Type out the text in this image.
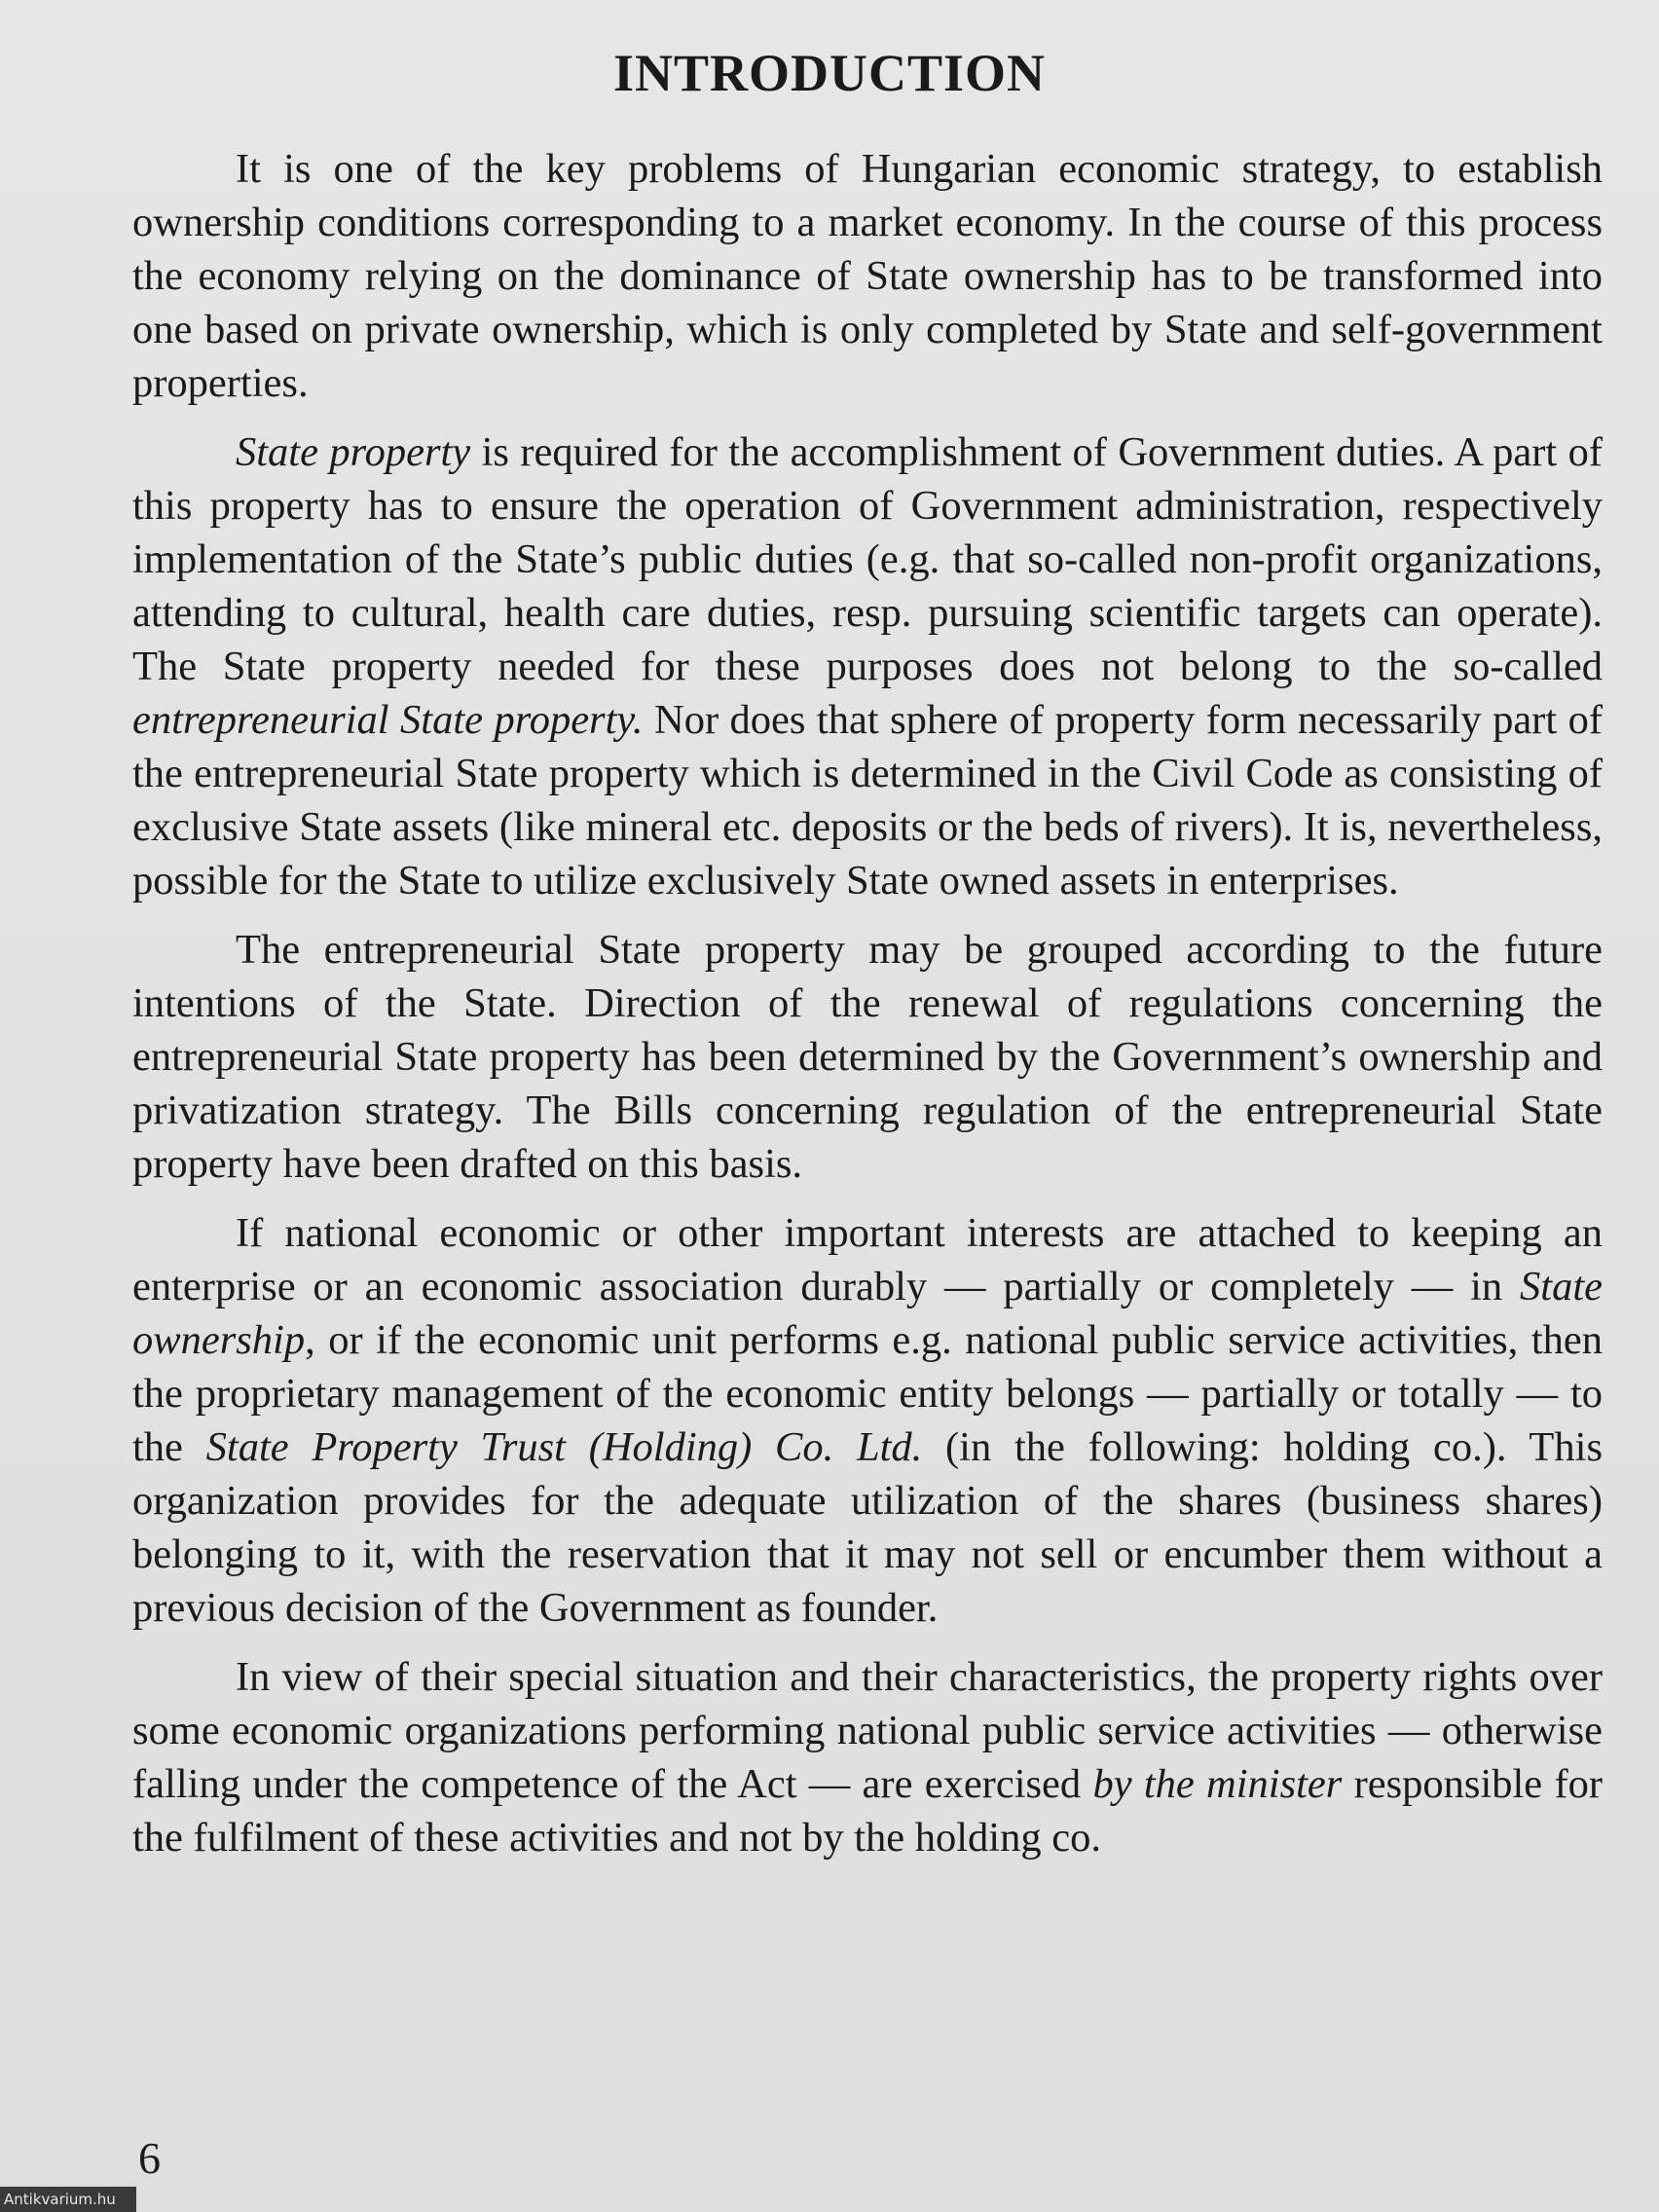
INTRODUCTION

It is one of the key problems of Hungarian economic strategy, to establish ownership conditions corresponding to a market economy. In the course of this process the economy relying on the dominance of State ownership has to be transformed into one based on private ownership, which is only completed by State and self-government properties.

State property is required for the accomplishment of Government duties. A part of this property has to ensure the operation of Government administration, respectively implementation of the State’s public duties (e.g. that so-called non-profit organizations, attending to cultural, health care duties, resp. pursuing scientific targets can operate). The State property needed for these purposes does not belong to the so-called entrepreneurial State property. Nor does that sphere of property form necessarily part of the entrepreneurial State property which is determined in the Civil Code as consisting of exclusive State assets (like mineral etc. deposits or the beds of rivers). It is, nevertheless, possible for the State to utilize exclusively State owned assets in enterprises.

The entrepreneurial State property may be grouped according to the future intentions of the State. Direction of the renewal of regulations concerning the entrepreneurial State property has been determined by the Government’s ownership and privatization strategy. The Bills concerning regulation of the entrepreneurial State property have been drafted on this basis.

If national economic or other important interests are attached to keeping an enterprise or an economic association durably — partially or completely — in State ownership, or if the economic unit performs e.g. national public service activities, then the proprietary management of the economic entity belongs — partially or totally — to the State Property Trust (Holding) Co. Ltd. (in the following: holding co.). This organization provides for the adequate utilization of the shares (business shares) belonging to it, with the reservation that it may not sell or encumber them without a previous decision of the Government as founder.

In view of their special situation and their characteristics, the property rights over some economic organizations performing national public service activities — otherwise falling under the competence of the Act — are exercised by the minister responsible for the fulfilment of these activities and not by the holding co.

6

Antikvarium.hu
